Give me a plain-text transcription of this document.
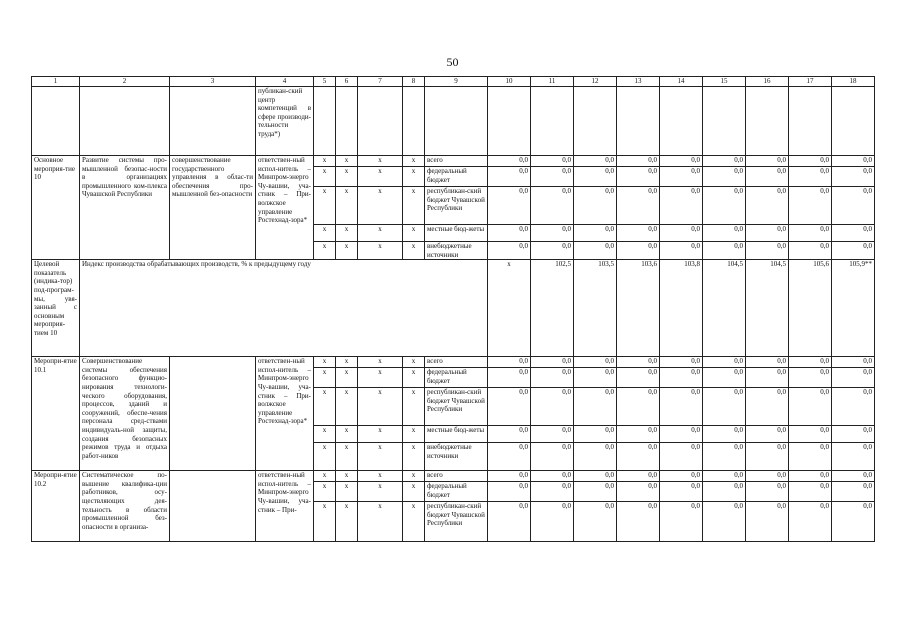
50
1	2	3	4	5	6	7	8	9	10	11	12	13	14	15	16	17	18	
			публикан-ский центр компетенций в сфере производи-тельности труда*)															
Основное мероприя-тие 10	Развитие системы про-мышленной безопас-ности в организациях промышленного ком-плекса Чувашской Республики	совершенствование государственного управления в облас-ти обеспечения про-мышленной без-опасности	ответствен-ный испол-нитель – Минпром-энерго Чу-вашии, уча-стник – При-волжское управление Ростехнад-зора*	x	x	x	x	всего	0,0	0,0	0,0	0,0	0,0	0,0	0,0	0,0	0,0	
				x	x	x	x	федеральный бюджет	0,0	0,0	0,0	0,0	0,0	0,0	0,0	0,0	0,0	
				x	x	x	x	республикан-ский бюджет Чувашской Республики	0,0	0,0	0,0	0,0	0,0	0,0	0,0	0,0	0,0	
				x	x	x	x	местные бюд-жеты	0,0	0,0	0,0	0,0	0,0	0,0	0,0	0,0	0,0	
				x	x	x	x	внебюджетные источники	0,0	0,0	0,0	0,0	0,0	0,0	0,0	0,0	0,0	
Целевой показатель (индика-тор) под-програм-мы, увя-занный с основным мероприя-тием 10	Индекс производства обрабатывающих производств, % к предыдущему году								х	102,5	103,5	103,6	103,8	104,5	104,5	105,6	105,9**	
Меропри-ятие 10.1	Совершенствование системы обеспечения безопасного функцио-нирования технологи-ческого оборудования, процессов, зданий и сооружений, обеспе-чения персонала сред-ствами индивидуаль-ной защиты, создания безопасных режимов труда и отдыха работ-ников		ответствен-ный испол-нитель – Минпром-энерго Чу-вашии, уча-стник – При-волжское управление Ростехнад-зора*	x	x	x	x	всего	0,0	0,0	0,0	0,0	0,0	0,0	0,0	0,0	0,0	
				x	x	x	x	федеральный бюджет	0,0	0,0	0,0	0,0	0,0	0,0	0,0	0,0	0,0	
				x	x	x	x	республикан-ский бюджет Чувашской Республики	0,0	0,0	0,0	0,0	0,0	0,0	0,0	0,0	0,0	
				x	x	x	x	местные бюд-жеты	0,0	0,0	0,0	0,0	0,0	0,0	0,0	0,0	0,0	
				x	x	x	x	внебюджетные источники	0,0	0,0	0,0	0,0	0,0	0,0	0,0	0,0	0,0	
Меропри-ятие 10.2	Систематическое по-вышение квалифика-ции работников, осу-ществляющих дея-тельность в области промышленной без-опасности в организа-		ответствен-ный испол-нитель – Минпром-энерго Чу-вашии, уча-стник – При-	x	x	x	x	всего	0,0	0,0	0,0	0,0	0,0	0,0	0,0	0,0	0,0	
				x	x	x	x	федеральный бюджет	0,0	0,0	0,0	0,0	0,0	0,0	0,0	0,0	0,0	
				x	x	x	x	республикан-ский бюджет Чувашской Республики	0,0	0,0	0,0	0,0	0,0	0,0	0,0	0,0	0,0	
